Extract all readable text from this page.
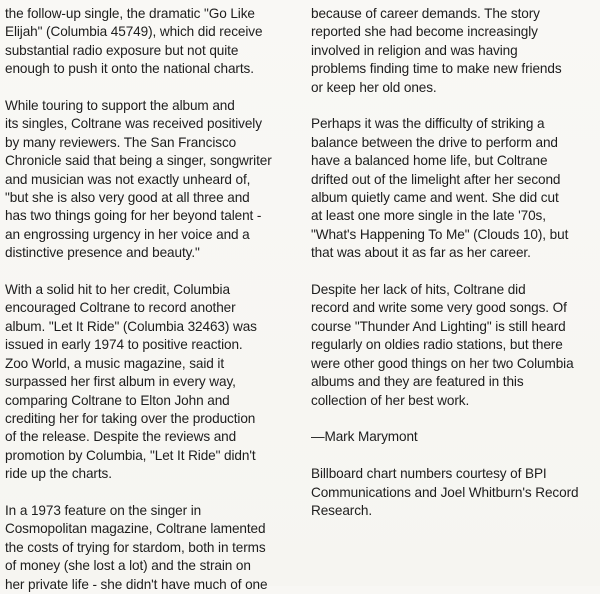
the follow-up single, the dramatic "Go Like
Elijah" (Columbia 45749), which did receive
substantial radio exposure but not quite
enough to push it onto the national charts.
While touring to support the album and
its singles, Coltrane was received positively
by many reviewers. The San Francisco
Chronicle said that being a singer, songwriter
and musician was not exactly unheard of,
"but she is also very good at all three and
has two things going for her beyond talent -
an engrossing urgency in her voice and a
distinctive presence and beauty."
With a solid hit to her credit, Columbia
encouraged Coltrane to record another
album. "Let It Ride" (Columbia 32463) was
issued in early 1974 to positive reaction.
Zoo World, a music magazine, said it
surpassed her first album in every way,
comparing Coltrane to Elton John and
crediting her for taking over the production
of the release. Despite the reviews and
promotion by Columbia, "Let It Ride" didn't
ride up the charts.
In a 1973 feature on the singer in
Cosmopolitan magazine, Coltrane lamented
the costs of trying for stardom, both in terms
of money (she lost a lot) and the strain on
her private life - she didn't have much of one
because of career demands. The story
reported she had become increasingly
involved in religion and was having
problems finding time to make new friends
or keep her old ones.
Perhaps it was the difficulty of striking a
balance between the drive to perform and
have a balanced home life, but Coltrane
drifted out of the limelight after her second
album quietly came and went. She did cut
at least one more single in the late '70s,
"What's Happening To Me" (Clouds 10), but
that was about it as far as her career.
Despite her lack of hits, Coltrane did
record and write some very good songs. Of
course "Thunder And Lighting" is still heard
regularly on oldies radio stations, but there
were other good things on her two Columbia
albums and they are featured in this
collection of her best work.
—Mark Marymont
Billboard chart numbers courtesy of BPI
Communications and Joel Whitburn's Record
Research.
